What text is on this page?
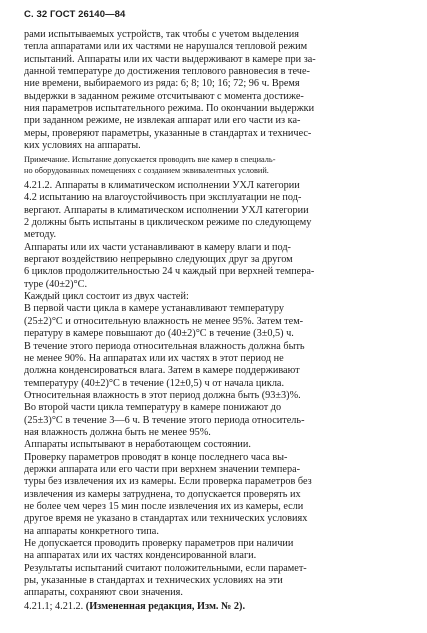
С. 32 ГОСТ 26140—84

рами испытываемых устройств, так чтобы с учетом выделения
тепла аппаратами или их частями не нарушался тепловой режим
испытаний. Аппараты или их части выдерживают в камере при за-
данной температуре до достижения теплового равновесия в тече-
ние времени, выбираемого из ряда: 6; 8; 10; 16; 72; 96 ч. Время
выдержки в заданном режиме отсчитывают с момента достиже-
ния параметров испытательного режима. По окончании выдержки
при заданном режиме, не извлекая аппарат или его части из ка-
меры, проверяют параметры, указанные в стандартах и техничес-
ких условиях на аппараты.

Примечание. Испытание допускается проводить вне камер в специаль-
но оборудованных помещениях с созданием эквивалентных условий.

4.21.2. Аппараты в климатическом исполнении УХЛ категории
4.2 испытанию на влагоустойчивость при эксплуатации не под-
вергают. Аппараты в климатическом исполнении УХЛ категории
2 должны быть испытаны в циклическом режиме по следующему
методу.

Аппараты или их части устанавливают в камеру влаги и под-
вергают воздействию непрерывно следующих друг за другом
6 циклов продолжительностью 24 ч каждый при верхней темпера-
туре (40±2)°С.

Каждый цикл состоит из двух частей:

В первой части цикла в камере устанавливают температуру
(25±2)°С и относительную влажность не менее 95%. Затем тем-
пературу в камере повышают до (40±2)°С в течение (3±0,5) ч.
В течение этого периода относительная влажность должна быть
не менее 90%. На аппаратах или их частях в этот период не
должна конденсироваться влага. Затем в камере поддерживают
температуру (40±2)°С в течение (12±0,5) ч от начала цикла.
Относительная влажность в этот период должна быть (93±3)%.

Во второй части цикла температуру в камере понижают до
(25±3)°С в течение 3—6 ч. В течение этого периода относитель-
ная влажность должна быть не менее 95%.

Аппараты испытывают в неработающем состоянии.

Проверку параметров проводят в конце последнего часа вы-
держки аппарата или его части при верхнем значении темпера-
туры без извлечения их из камеры. Если проверка параметров без
извлечения из камеры затруднена, то допускается проверять их
не более чем через 15 мин после извлечения их из камеры, если
другое время не указано в стандартах или технических условиях
на аппараты конкретного типа.

Не допускается проводить проверку параметров при наличии
на аппаратах или их частях конденсированной влаги.

Результаты испытаний считают положительными, если парамет-
ры, указанные в стандартах и технических условиях на эти
аппараты, сохраняют свои значения.

4.21.1; 4.21.2. (Измененная редакция, Изм. № 2).
